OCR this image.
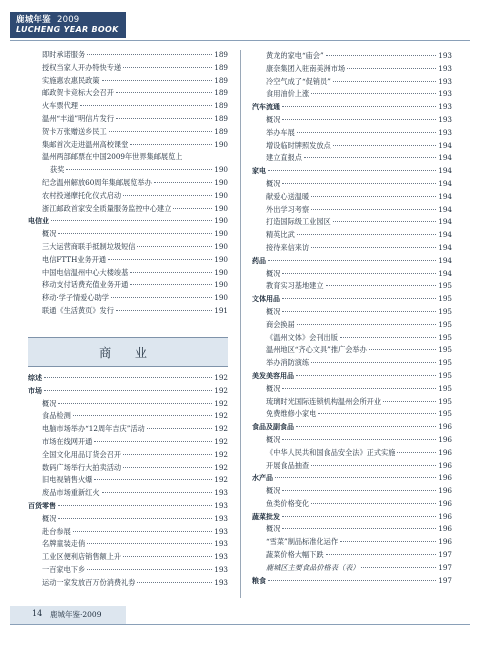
鹿城年鉴 2009
LUCHENG YEAR BOOK
即时承诺服务	189
授权当家人开办特快专递	189
实施惠农惠民政策	189
邮政贺卡竞标大会召开	189
火车票代理	189
温州“丰道”明信片发行	189
贺卡万张赠送乡民工	189
集邮首次走进温州高校课堂	190
温州两部邮票在中国2009年世界集邮展览上
获奖	190
纪念温州解放60周年集邮展览举办	190
农村投递摩托化仪式启动	190
浙江邮政首家安全质量服务监控中心建立	190
电信业	190
概况	190
三大运营商联手抵制垃圾短信	190
电信FTTH业务开通	190
中国电信温州中心大楼竣基	190
移动支付话费充值业务开通	190
移动·学子情爱心助学	190
联通《生活黄页》发行	191
商 业
综述	192
市场	192
概况	192
食品检测	192
电脑市场举办“12周年吉庆”活动	192
市场在线网开通	192
全国文化用品订货会召开	192
数码广场举行大拍卖活动	192
旧电视销售火爆	192
废品市场重新红火	193
百货零售	193
概况	193
赴台参展	193
名牌童装走俏	193
工业区便利店销售额上升	193
一百家电下乡	193
运动一家发放百万份消费礼券	193
黄龙的家电“庙会”	193
康奈集团入驻南美洲市场	193
冷空气成了“促销员”	193
食用油价上涨	193
汽车流通	193
概况	193
举办车展	193
增设临时牌照发放点	194
建立直报点	194
家电	194
概况	194
献爱心送温暖	194
外出学习考察	194
打造国际级工业园区	194
精英比武	194
接待来信来访	194
药品	194
概况	194
教育实习基地建立	195
文体用品	195
概况	195
商会换届	195
《温州文体》会刊出版	195
温州地区“齐心文具”推广会举办	195
举办消防演练	195
美发美容用品	195
概况	195
琉璃时光国际连锁机构温州会所开业	195
免费维修小家电	195
食品及副食品	196
概况	196
《中华人民共和国食品安全法》正式实施	196
开展食品抽查	196
水产品	196
概况	196
鱼类价格变化	196
蔬菜批发	196
概况	196
“雪菜”制品标准化运作	196
蔬菜价格大幅下跌	197
鹿城区主要食品价格表（表）	197
粮食	197
14 鹿城年鉴·2009
